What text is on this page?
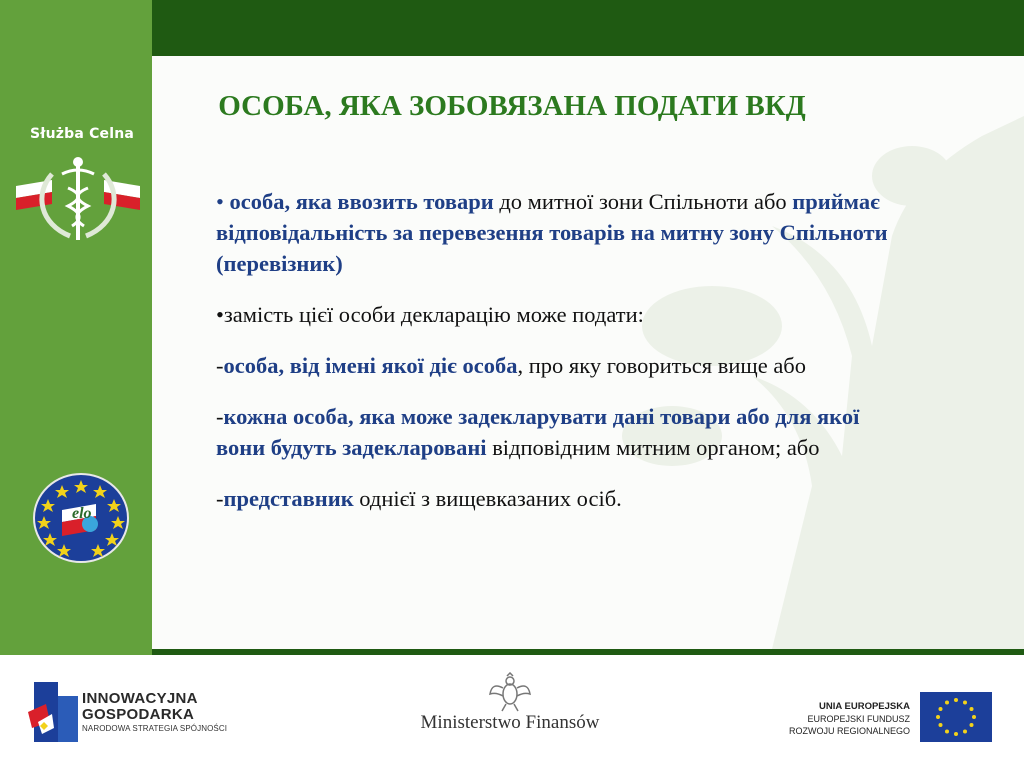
Służba Celna
elo
ОСОБА, ЯКА ЗОБОВЯЗАНА ПОДАТИ ВКД

• особа, яка ввозить товари до митної зони Спільноти або приймає відповідальність за перевезення товарів на митну зону Спільноти (перевізник)

•замість цієї особи декларацію може подати:

-особа, від імені якої діє особа, про яку говориться вище або

-кожна особа, яка може задекларувати дані товари або для якої вони будуть задекларовані відповідним митним органом; або

-представник однієї з вищевказаних осіб.

INNOWACYJNA
GOSPODARKA
NARODOWA STRATEGIA SPÓJNOŚCI	Ministerstwo Finansów
UNIA EUROPEJSKA
EUROPEJSKI FUNDUSZ
ROZWOJU REGIONALNEGO
